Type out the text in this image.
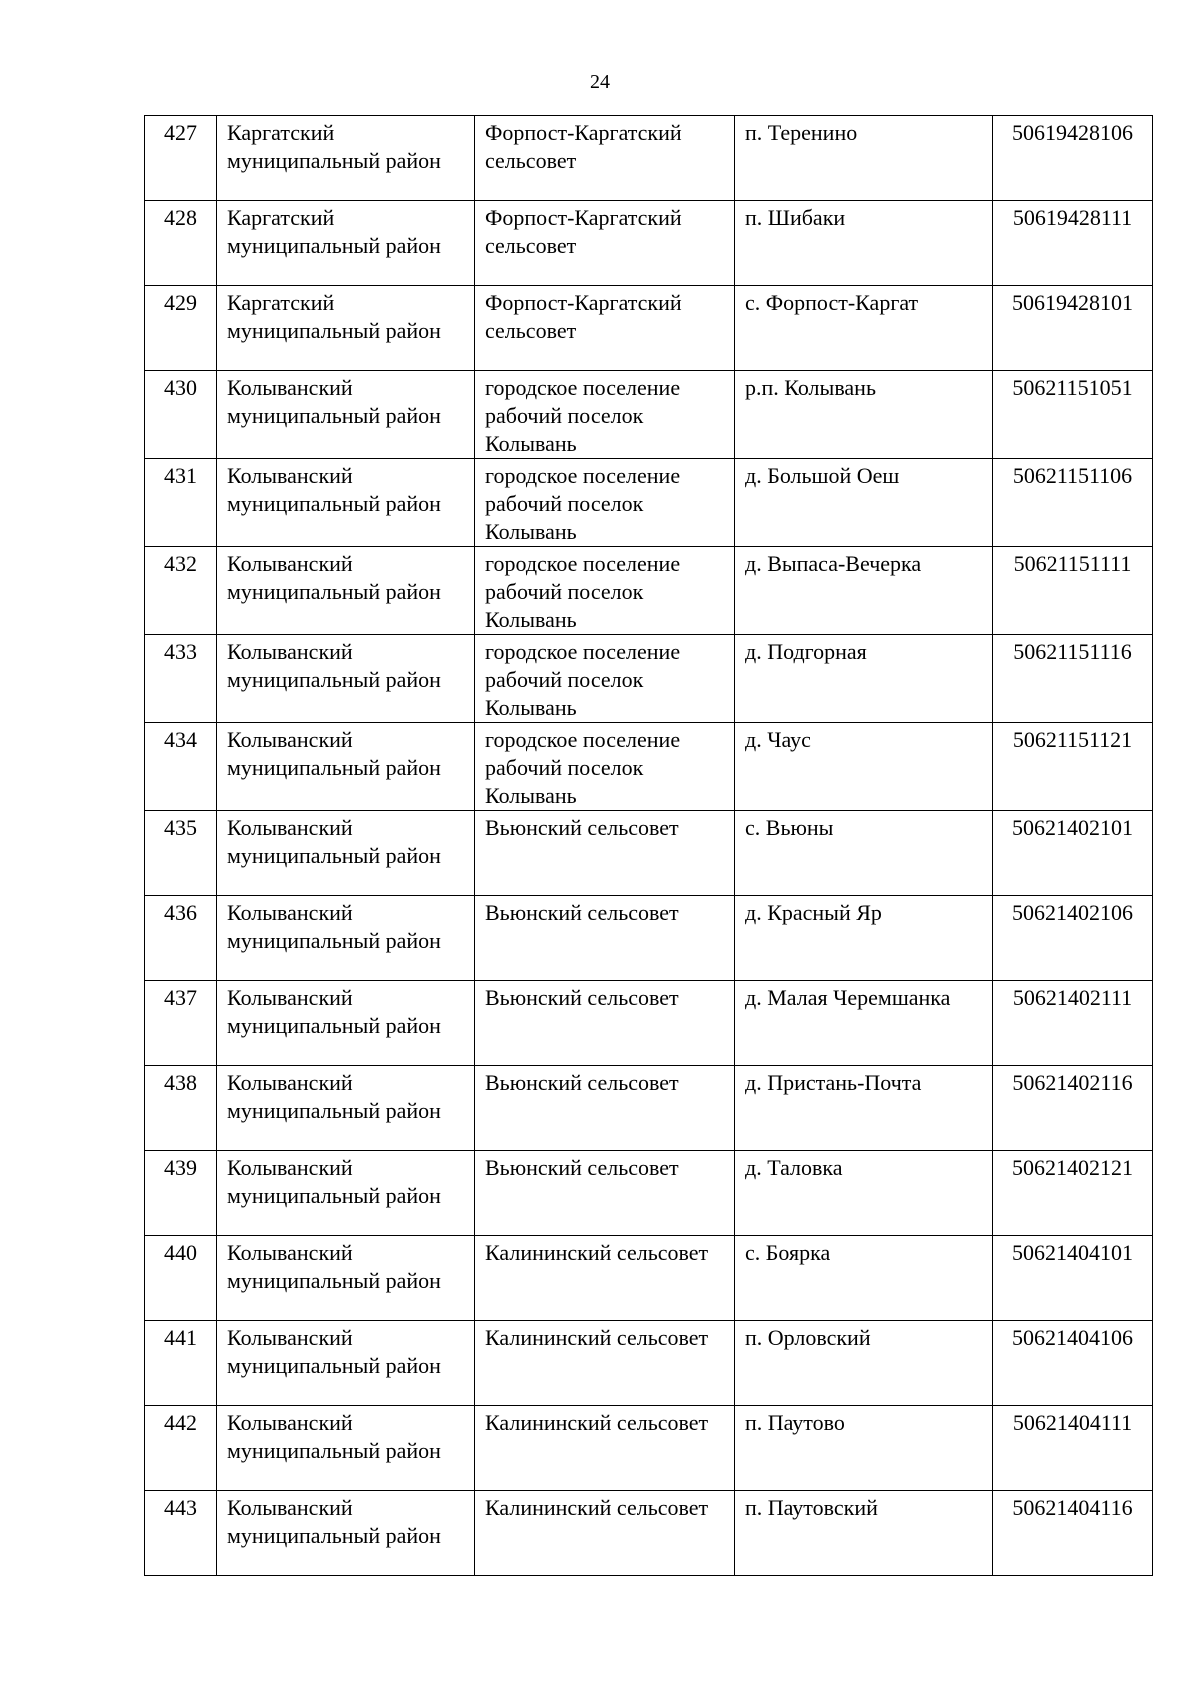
24
427	Каргатский муниципальный район	Форпост-Каргатский сельсовет	п. Теренино	50619428106
428	Каргатский муниципальный район	Форпост-Каргатский сельсовет	п. Шибаки	50619428111
429	Каргатский муниципальный район	Форпост-Каргатский сельсовет	с. Форпост-Каргат	50619428101
430	Колыванский муниципальный район	городское поселение рабочий поселок Колывань	р.п. Колывань	50621151051
431	Колыванский муниципальный район	городское поселение рабочий поселок Колывань	д. Большой Оеш	50621151106
432	Колыванский муниципальный район	городское поселение рабочий поселок Колывань	д. Выпаса-Вечерка	50621151111
433	Колыванский муниципальный район	городское поселение рабочий поселок Колывань	д. Подгорная	50621151116
434	Колыванский муниципальный район	городское поселение рабочий поселок Колывань	д. Чаус	50621151121
435	Колыванский муниципальный район	Вьюнский сельсовет	с. Вьюны	50621402101
436	Колыванский муниципальный район	Вьюнский сельсовет	д. Красный Яр	50621402106
437	Колыванский муниципальный район	Вьюнский сельсовет	д. Малая Черемшанка	50621402111
438	Колыванский муниципальный район	Вьюнский сельсовет	д. Пристань-Почта	50621402116
439	Колыванский муниципальный район	Вьюнский сельсовет	д. Таловка	50621402121
440	Колыванский муниципальный район	Калининский сельсовет	с. Боярка	50621404101
441	Колыванский муниципальный район	Калининский сельсовет	п. Орловский	50621404106
442	Колыванский муниципальный район	Калининский сельсовет	п. Паутово	50621404111
443	Колыванский муниципальный район	Калининский сельсовет	п. Паутовский	50621404116
